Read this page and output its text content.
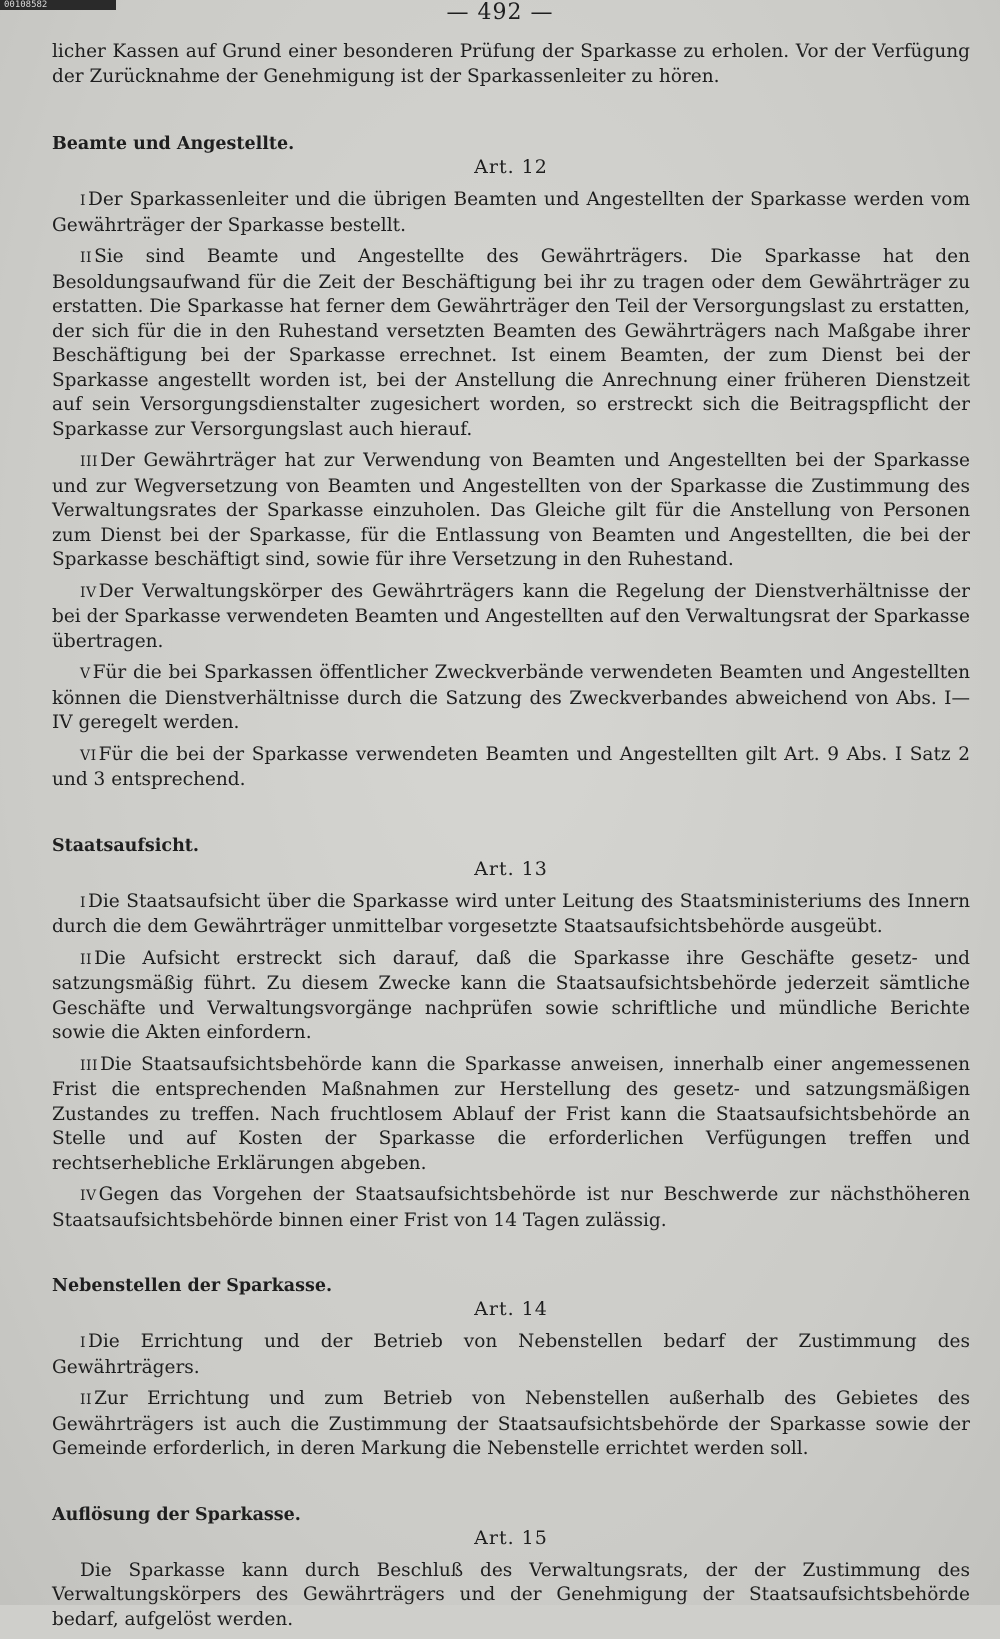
00108582	— 492 —

licher Kassen auf Grund einer besonderen Prüfung der Sparkasse zu erholen. Vor der Verfügung der Zurücknahme der Genehmigung ist der Sparkassenleiter zu hören.

Beamte und Angestellte.
Art. 12

I Der Sparkassenleiter und die übrigen Beamten und Angestellten der Sparkasse werden vom Gewährträger der Sparkasse bestellt.

II Sie sind Beamte und Angestellte des Gewährträgers. Die Sparkasse hat den Besoldungsaufwand für die Zeit der Beschäftigung bei ihr zu tragen oder dem Gewährträger zu erstatten. Die Sparkasse hat ferner dem Gewährträger den Teil der Versorgungslast zu erstatten, der sich für die in den Ruhestand versetzten Beamten des Gewährträgers nach Maßgabe ihrer Beschäftigung bei der Sparkasse errechnet. Ist einem Beamten, der zum Dienst bei der Sparkasse angestellt worden ist, bei der Anstellung die Anrechnung einer früheren Dienstzeit auf sein Versorgungsdienstalter zugesichert worden, so erstreckt sich die Beitragspflicht der Sparkasse zur Versorgungslast auch hierauf.

III Der Gewährträger hat zur Verwendung von Beamten und Angestellten bei der Sparkasse und zur Wegversetzung von Beamten und Angestellten von der Sparkasse die Zustimmung des Verwaltungsrates der Sparkasse einzuholen. Das Gleiche gilt für die Anstellung von Personen zum Dienst bei der Sparkasse, für die Entlassung von Beamten und Angestellten, die bei der Sparkasse beschäftigt sind, sowie für ihre Versetzung in den Ruhestand.

IV Der Verwaltungskörper des Gewährträgers kann die Regelung der Dienstverhältnisse der bei der Sparkasse verwendeten Beamten und Angestellten auf den Verwaltungsrat der Sparkasse übertragen.

V Für die bei Sparkassen öffentlicher Zweckverbände verwendeten Beamten und Angestellten können die Dienstverhältnisse durch die Satzung des Zweckverbandes abweichend von Abs. I—IV geregelt werden.

VI Für die bei der Sparkasse verwendeten Beamten und Angestellten gilt Art. 9 Abs. I Satz 2 und 3 entsprechend.

Staatsaufsicht.
Art. 13

I Die Staatsaufsicht über die Sparkasse wird unter Leitung des Staatsministeriums des Innern durch die dem Gewährträger unmittelbar vorgesetzte Staatsaufsichtsbehörde ausgeübt.

II Die Aufsicht erstreckt sich darauf, daß die Sparkasse ihre Geschäfte gesetz- und satzungsmäßig führt. Zu diesem Zwecke kann die Staatsaufsichtsbehörde jederzeit sämtliche Geschäfte und Verwaltungsvorgänge nachprüfen sowie schriftliche und mündliche Berichte sowie die Akten einfordern.

III Die Staatsaufsichtsbehörde kann die Sparkasse anweisen, innerhalb einer angemessenen Frist die entsprechenden Maßnahmen zur Herstellung des gesetz- und satzungsmäßigen Zustandes zu treffen. Nach fruchtlosem Ablauf der Frist kann die Staatsaufsichtsbehörde an Stelle und auf Kosten der Sparkasse die erforderlichen Verfügungen treffen und rechtserhebliche Erklärungen abgeben.

IV Gegen das Vorgehen der Staatsaufsichtsbehörde ist nur Beschwerde zur nächsthöheren Staatsaufsichtsbehörde binnen einer Frist von 14 Tagen zulässig.

Nebenstellen der Sparkasse.
Art. 14

I Die Errichtung und der Betrieb von Nebenstellen bedarf der Zustimmung des Gewährträgers.

II Zur Errichtung und zum Betrieb von Nebenstellen außerhalb des Gebietes des Gewährträgers ist auch die Zustimmung der Staatsaufsichtsbehörde der Sparkasse sowie der Gemeinde erforderlich, in deren Markung die Nebenstelle errichtet werden soll.

Auflösung der Sparkasse.
Art. 15

Die Sparkasse kann durch Beschluß des Verwaltungsrats, der der Zustimmung des Verwaltungskörpers des Gewährträgers und der Genehmigung der Staatsaufsichtsbehörde bedarf, aufgelöst werden.
